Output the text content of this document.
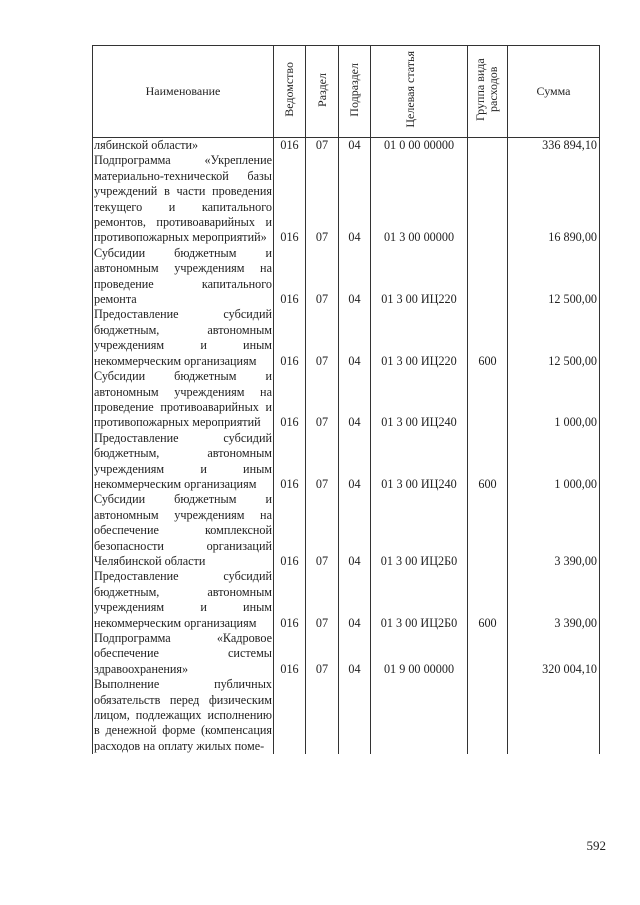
Наименование	Ведомство	Раздел	Подраздел	Целевая статья	Группа вида расходов	Сумма
лябинской области»	016	07	04	01 0 00 00000		336 894,10
Подпрограмма «Укрепление материально-технической базы учреждений в части проведения текущего и капитального ремонтов, противоаварийных и противопожарных мероприятий»	016	07	04	01 3 00 00000		16 890,00
Субсидии бюджетным и автономным учреждениям на проведение капитального ремонта	016	07	04	01 3 00 ИЦ220		12 500,00
Предоставление субсидий бюджетным, автономным учреждениям и иным некоммерческим организациям	016	07	04	01 3 00 ИЦ220	600	12 500,00
Субсидии бюджетным и автономным учреждениям на проведение противоаварийных и противопожарных мероприятий	016	07	04	01 3 00 ИЦ240		1 000,00
Предоставление субсидий бюджетным, автономным учреждениям и иным некоммерческим организациям	016	07	04	01 3 00 ИЦ240	600	1 000,00
Субсидии бюджетным и автономным учреждениям на обеспечение комплексной безопасности организаций Челябинской области	016	07	04	01 3 00 ИЦ2Б0		3 390,00
Предоставление субсидий бюджетным, автономным учреждениям и иным некоммерческим организациям	016	07	04	01 3 00 ИЦ2Б0	600	3 390,00
Подпрограмма «Кадровое обеспечение системы здравоохранения»	016	07	04	01 9 00 00000		320 004,10
Выполнение публичных обязательств перед физическим лицом, подлежащих исполнению в денежной форме (компенсация расходов на оплату жилых поме-						
592
